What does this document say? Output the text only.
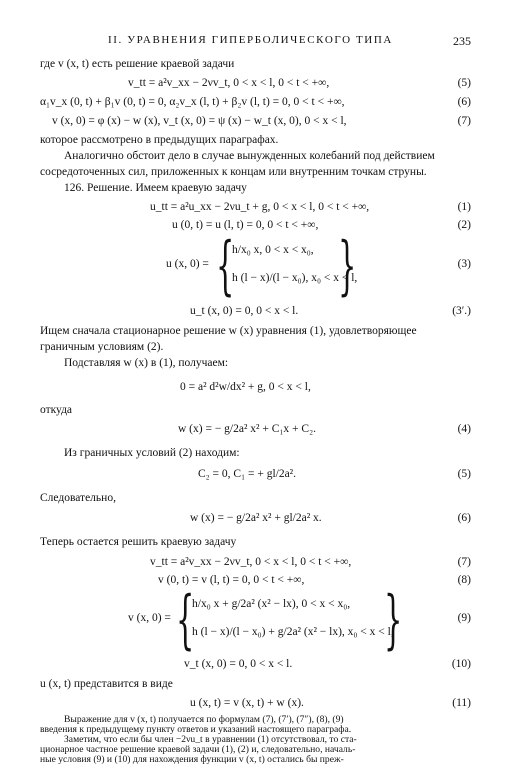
II. УРАВНЕНИЯ ГИПЕРБОЛИЧЕСКОГО ТИПА	235
где v (x, t) есть решение краевой задачи
v_tt = a²v_xx − 2νv_t, 0 < x < l, 0 < t < +∞,	(5)
α₁v_x (0, t) + β₁v (0, t) = 0, α₂v_x (l, t) + β₂v (l, t) = 0, 0 < t < +∞,	(6)
v (x, 0) = φ (x) − w (x), v_t (x, 0) = ψ (x) − w_t (x, 0), 0 < x < l,	(7)
которое рассмотрено в предыдущих параграфах.
Аналогично обстоит дело в случае вынужденных колебаний под действием
сосредоточенных сил, приложенных к концам или внутренним точкам струны.
126. Решение. Имеем краевую задачу
u_tt = a²u_xx − 2νu_t + g, 0 < x < l, 0 < t < +∞,	(1)
u (0, t) = u (l, t) = 0, 0 < t < +∞,	(2)
u (x, 0) = {
h/x₀ x, 0 < x < x₀,
h (l − x)/(l − x₀), x₀ < x < l,
}	(3)
u_t (x, 0) = 0, 0 < x < l.	(3′.)
Ищем сначала стационарное решение w (x) уравнения (1), удовлетворяющее
граничным условиям (2).
Подставляя w (x) в (1), получаем:
0 = a² d²w/dx² + g, 0 < x < l,
откуда
w (x) = − g/2a² x² + C₁x + C₂.	(4)
Из граничных условий (2) находим:
C₂ = 0, C₁ = + gl/2a².	(5)
Следовательно,
w (x) = − g/2a² x² + gl/2a² x.	(6)
Теперь остается решить краевую задачу
v_tt = a²v_xx − 2νv_t, 0 < x < l, 0 < t < +∞,	(7)
v (0, t) = v (l, t) = 0, 0 < t < +∞,	(8)
v (x, 0) = {
h/x₀ x + g/2a² (x² − lx), 0 < x < x₀,
h (l − x)/(l − x₀) + g/2a² (x² − lx), x₀ < x < l,
}	(9)
v_t (x, 0) = 0, 0 < x < l.	(10)
u (x, t) представится в виде
u (x, t) = v (x, t) + w (x).	(11)
Выражение для v (x, t) получается по формулам (7), (7′), (7″), (8), (9)
введения к предыдущему пункту ответов и указаний настоящего параграфа.
Заметим, что если бы член −2νu_t в уравнении (1) отсутствовал, то ста-
ционарное частное решение краевой задачи (1), (2) и, следовательно, началь-
ные условия (9) и (10) для нахождения функции v (x, t) остались бы преж-
